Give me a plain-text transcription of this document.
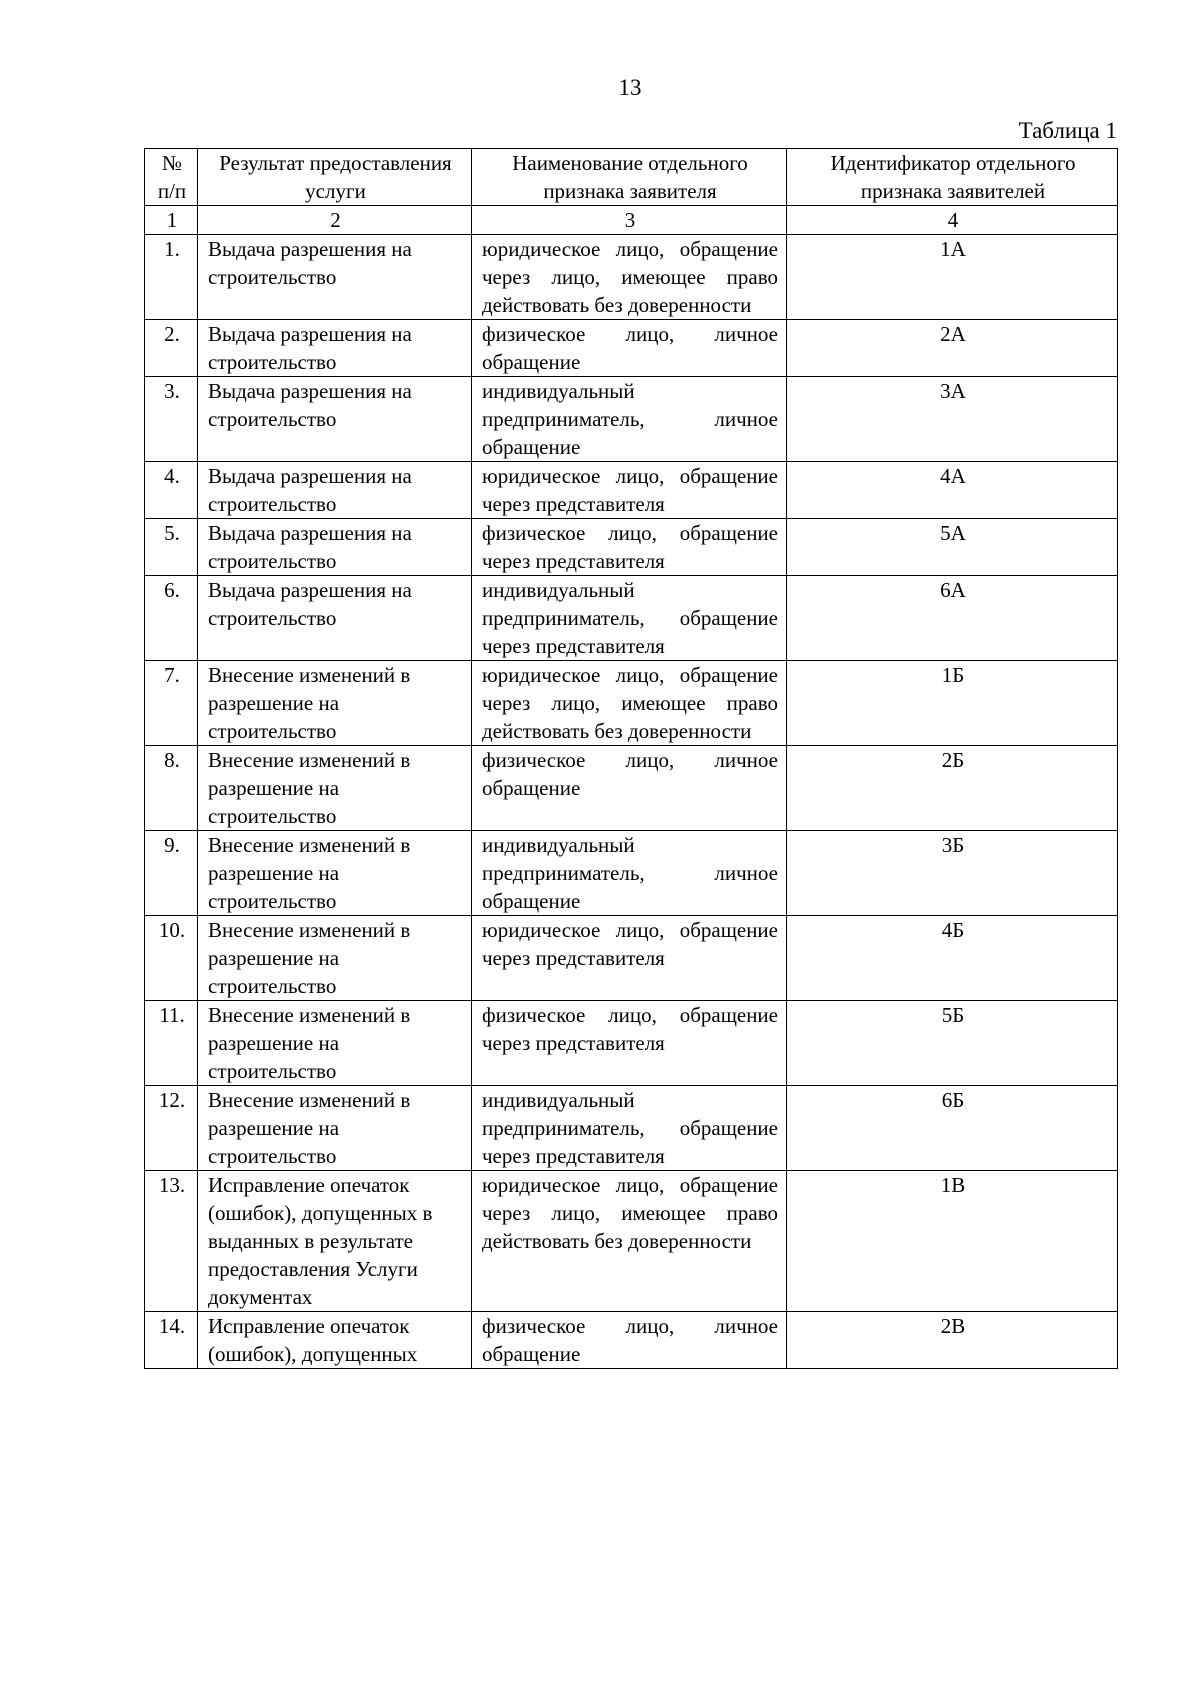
13
Таблица 1
№ п/п	Результат предоставления услуги	Наименование отдельного признака заявителя	Идентификатор отдельного признака заявителей
1	2	3	4
1.	Выдача разрешения на строительство	юридическое лицо, обращение через лицо, имеющее право действовать без доверенности	1А
2.	Выдача разрешения на строительство	физическое лицо, личное обращение	2А
3.	Выдача разрешения на строительство	индивидуальный предприниматель, личное обращение	3А
4.	Выдача разрешения на строительство	юридическое лицо, обращение через представителя	4А
5.	Выдача разрешения на строительство	физическое лицо, обращение через представителя	5А
6.	Выдача разрешения на строительство	индивидуальный предприниматель, обращение через представителя	6А
7.	Внесение изменений в разрешение на строительство	юридическое лицо, обращение через лицо, имеющее право действовать без доверенности	1Б
8.	Внесение изменений в разрешение на строительство	физическое лицо, личное обращение	2Б
9.	Внесение изменений в разрешение на строительство	индивидуальный предприниматель, личное обращение	3Б
10.	Внесение изменений в разрешение на строительство	юридическое лицо, обращение через представителя	4Б
11.	Внесение изменений в разрешение на строительство	физическое лицо, обращение через представителя	5Б
12.	Внесение изменений в разрешение на строительство	индивидуальный предприниматель, обращение через представителя	6Б
13.	Исправление опечаток (ошибок), допущенных в выданных в результате предоставления Услуги документах	юридическое лицо, обращение через лицо, имеющее право действовать без доверенности	1В
14.	Исправление опечаток (ошибок), допущенных	физическое лицо, личное обращение	2В
